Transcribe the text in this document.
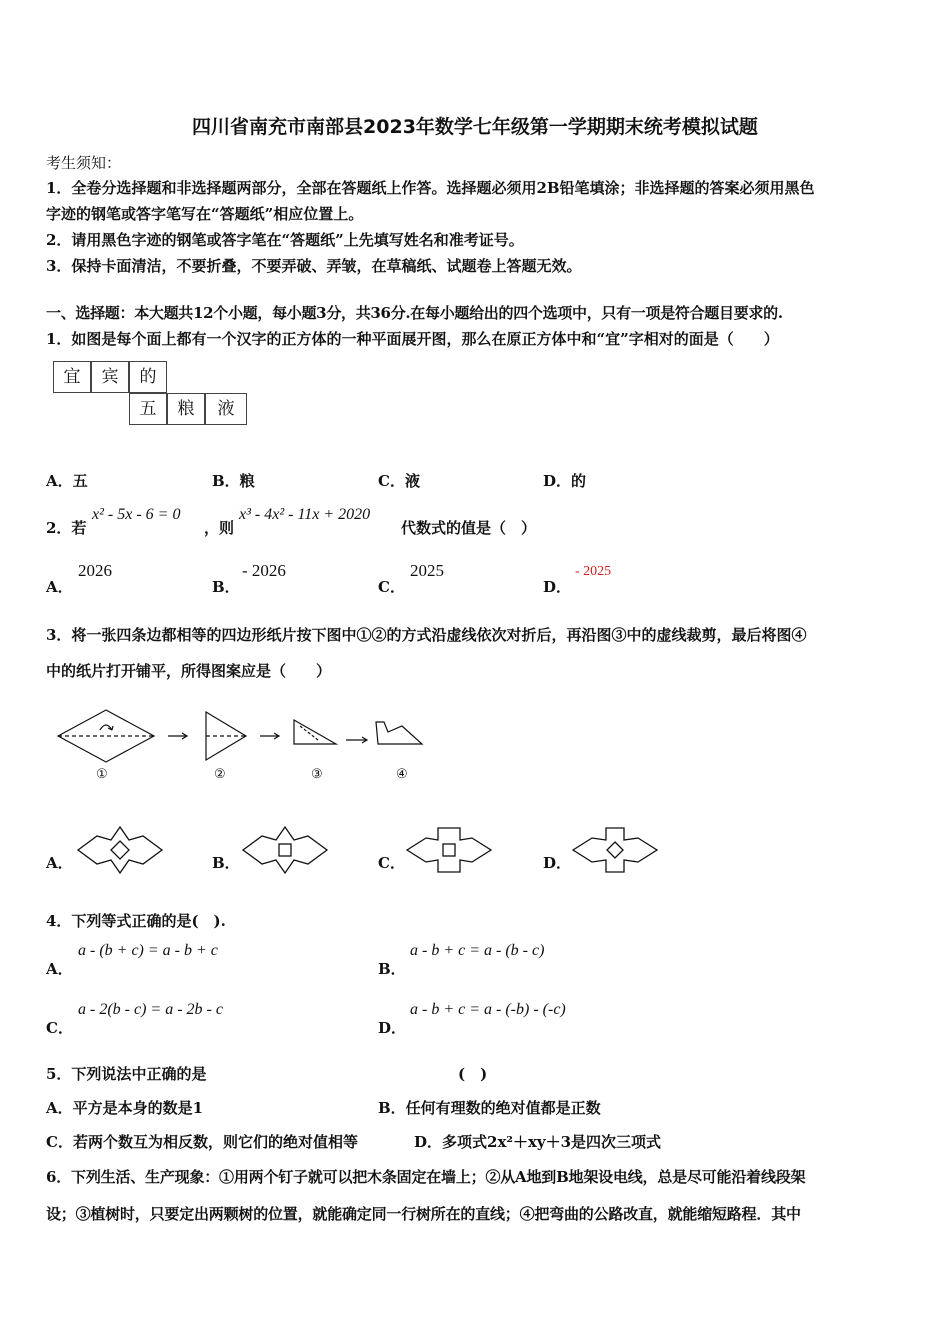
四川省南充市南部县2023年数学七年级第一学期期末统考模拟试题
考生须知：
1．全卷分选择题和非选择题两部分，全部在答题纸上作答。选择题必须用2B铅笔填涂；非选择题的答案必须用黑色
字迹的钢笔或答字笔写在“答题纸”相应位置上。
2．请用黑色字迹的钢笔或答字笔在“答题纸”上先填写姓名和准考证号。
3．保持卡面清洁，不要折叠，不要弄破、弄皱，在草稿纸、试题卷上答题无效。
一、选择题：本大题共12个小题，每小题3分，共36分.在每小题给出的四个选项中，只有一项是符合题目要求的.
1．如图是每个面上都有一个汉字的正方体的一种平面展开图，那么在原正方体中和“宜”字相对的面是（　　）
宜	宾	的
五	粮	液
A．五	B．粮	C．液	D．的
2．若
x² - 5x - 6 = 0
，则
x³ - 4x² - 11x + 2020
代数式的值是（　）
A．
2026
B．
- 2026
C．
2025
D．
- 2025
3．将一张四条边都相等的四边形纸片按下图中①②的方式沿虚线依次对折后，再沿图③中的虚线裁剪，最后将图④
中的纸片打开铺平，所得图案应是（　　）
①	②	③	④
A．	B．	C．	D．
4．下列等式正确的是(　).
A．
a - (b + c) = a - b + c
B．
a - b + c = a - (b - c)
C．
a - 2(b - c) = a - 2b - c
D．
a - b + c = a - (-b) - (-c)
5．下列说法中正确的是	(　)
A．平方是本身的数是1	B．任何有理数的绝对值都是正数
C．若两个数互为相反数，则它们的绝对值相等	D．多项式2x²＋xy＋3是四次三项式
6．下列生活、生产现象：①用两个钉子就可以把木条固定在墙上；②从A地到B地架设电线，总是尽可能沿着线段架
设；③植树时，只要定出两颗树的位置，就能确定同一行树所在的直线；④把弯曲的公路改直，就能缩短路程．其中
